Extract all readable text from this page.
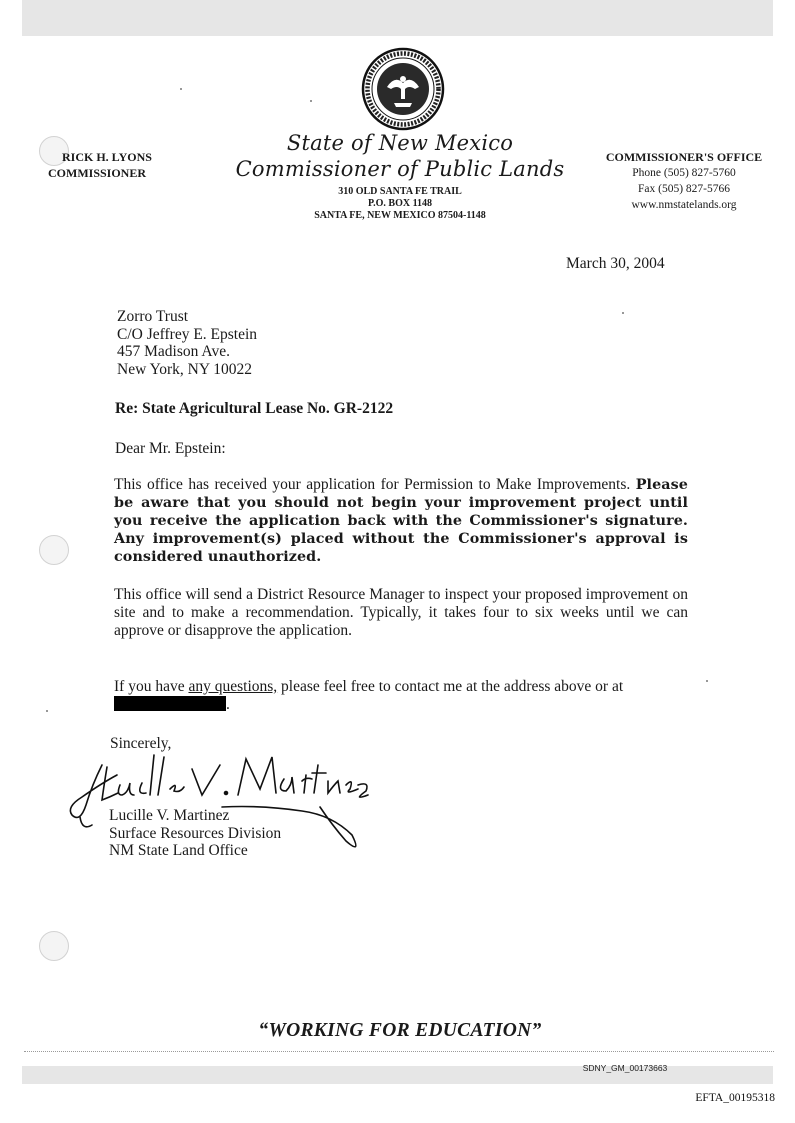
RICK H. LYONS
COMMISSIONER
State of New Mexico
Commissioner of Public Lands
310 OLD SANTA FE TRAIL
P.O. BOX 1148
SANTA FE, NEW MEXICO 87504-1148
COMMISSIONER'S OFFICE
Phone (505) 827-5760
Fax (505) 827-5766
www.nmstatelands.org
March 30, 2004
Zorro Trust
C/O Jeffrey E. Epstein
457 Madison Ave.
New York, NY 10022
Re: State Agricultural Lease No. GR-2122
Dear Mr. Epstein:
This office has received your application for Permission to Make Improvements. Please be aware that you should not begin your improvement project until you receive the application back with the Commissioner's signature. Any improvement(s) placed without the Commissioner's approval is considered unauthorized.
This office will send a District Resource Manager to inspect your proposed improvement on site and to make a recommendation. Typically, it takes four to six weeks until we can approve or disapprove the application.
If you have any questions, please feel free to contact me at the address above or at .
Sincerely,
Lucille V. Martinez
Surface Resources Division
NM State Land Office
“WORKING FOR EDUCATION”
SDNY_GM_00173663
EFTA_00195318
